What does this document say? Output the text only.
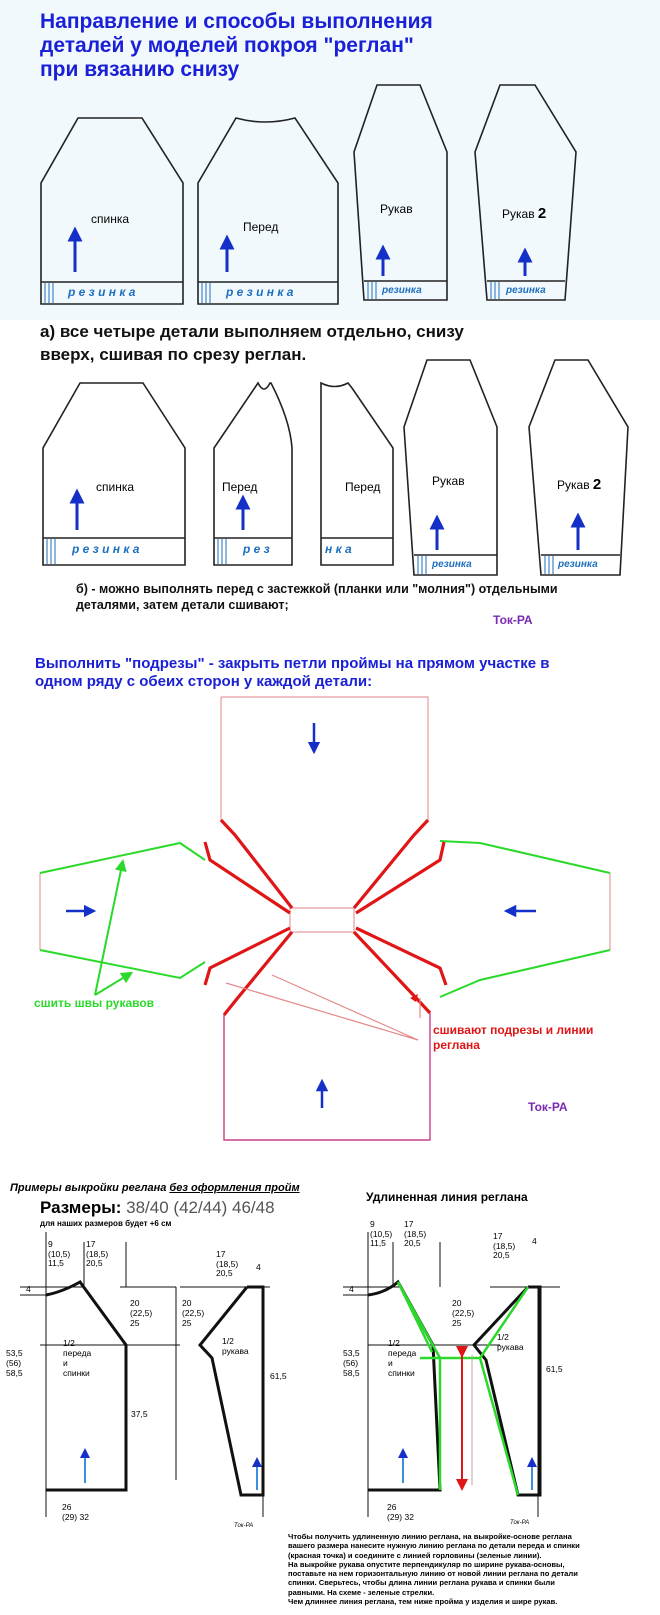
Направление и способы выполнения

деталей у моделей покроя "реглан"

при вязанию снизу

спинка
Перед
Рукав	Рукав 2
р е з и н к а	р е з и н к а	резинка	резинка

а) все четыре детали выполняем отдельно, снизу

вверх, сшивая по срезу реглан.

спинка	Перед	Перед	Рукав	Рукав 2
р е з и н к а	р е з	н к а
резинка	резинка

б) - можно выполнять перед с застежкой (планки или "молния") отдельными

деталями, затем детали сшивают;

Ток-РА

Выполнить "подрезы" - закрыть петли проймы на прямом участке в

одном ряду с обеих сторон у каждой детали:

сшить швы рукавов
сшивают подрезы и линии
реглана
Ток-РА
Примеры выкройки реглана без оформления пройм
Размеры: 38/40 (42/44) 46/48
для наших размеров будет +6 см
Удлиненная линия реглана
9
(10,5)
11,5
17
(18,5)
20,5
4
53,5
(56)
58,5
20
(22,5)
25
1/2
переда
и
спинки
37,5
26
(29) 32
17
(18,5)
20,5
4
20
(22,5)
25
1/2
рукава
61,5
Ток-РА
9
(10,5)
11,5
17
(18,5)
20,5
4
53,5
(56)
58,5
20
(22,5)
25
1/2
переда
и
спинки
26
(29) 32
17
(18,5)
20,5
4
1/2
рукава
61,5
Ток-РА
Чтобы получить удлиненную линию реглана, на выкройке-основе реглана
вашего размера нанесите нужную линию реглана по детали переда и спинки
(красная точка) и соедините с линией горловины (зеленые линии).
На выкройке рукава опустите перпендикуляр по ширине рукава-основы,
поставьте на нем горизонтальную линию от новой линии реглана по детали
спинки. Сверьтесь, чтобы длина линии реглана рукава и спинки были
равными. На схеме - зеленые стрелки.
Чем длиннее линия реглана, тем ниже пройма у изделия и шире рукав.
